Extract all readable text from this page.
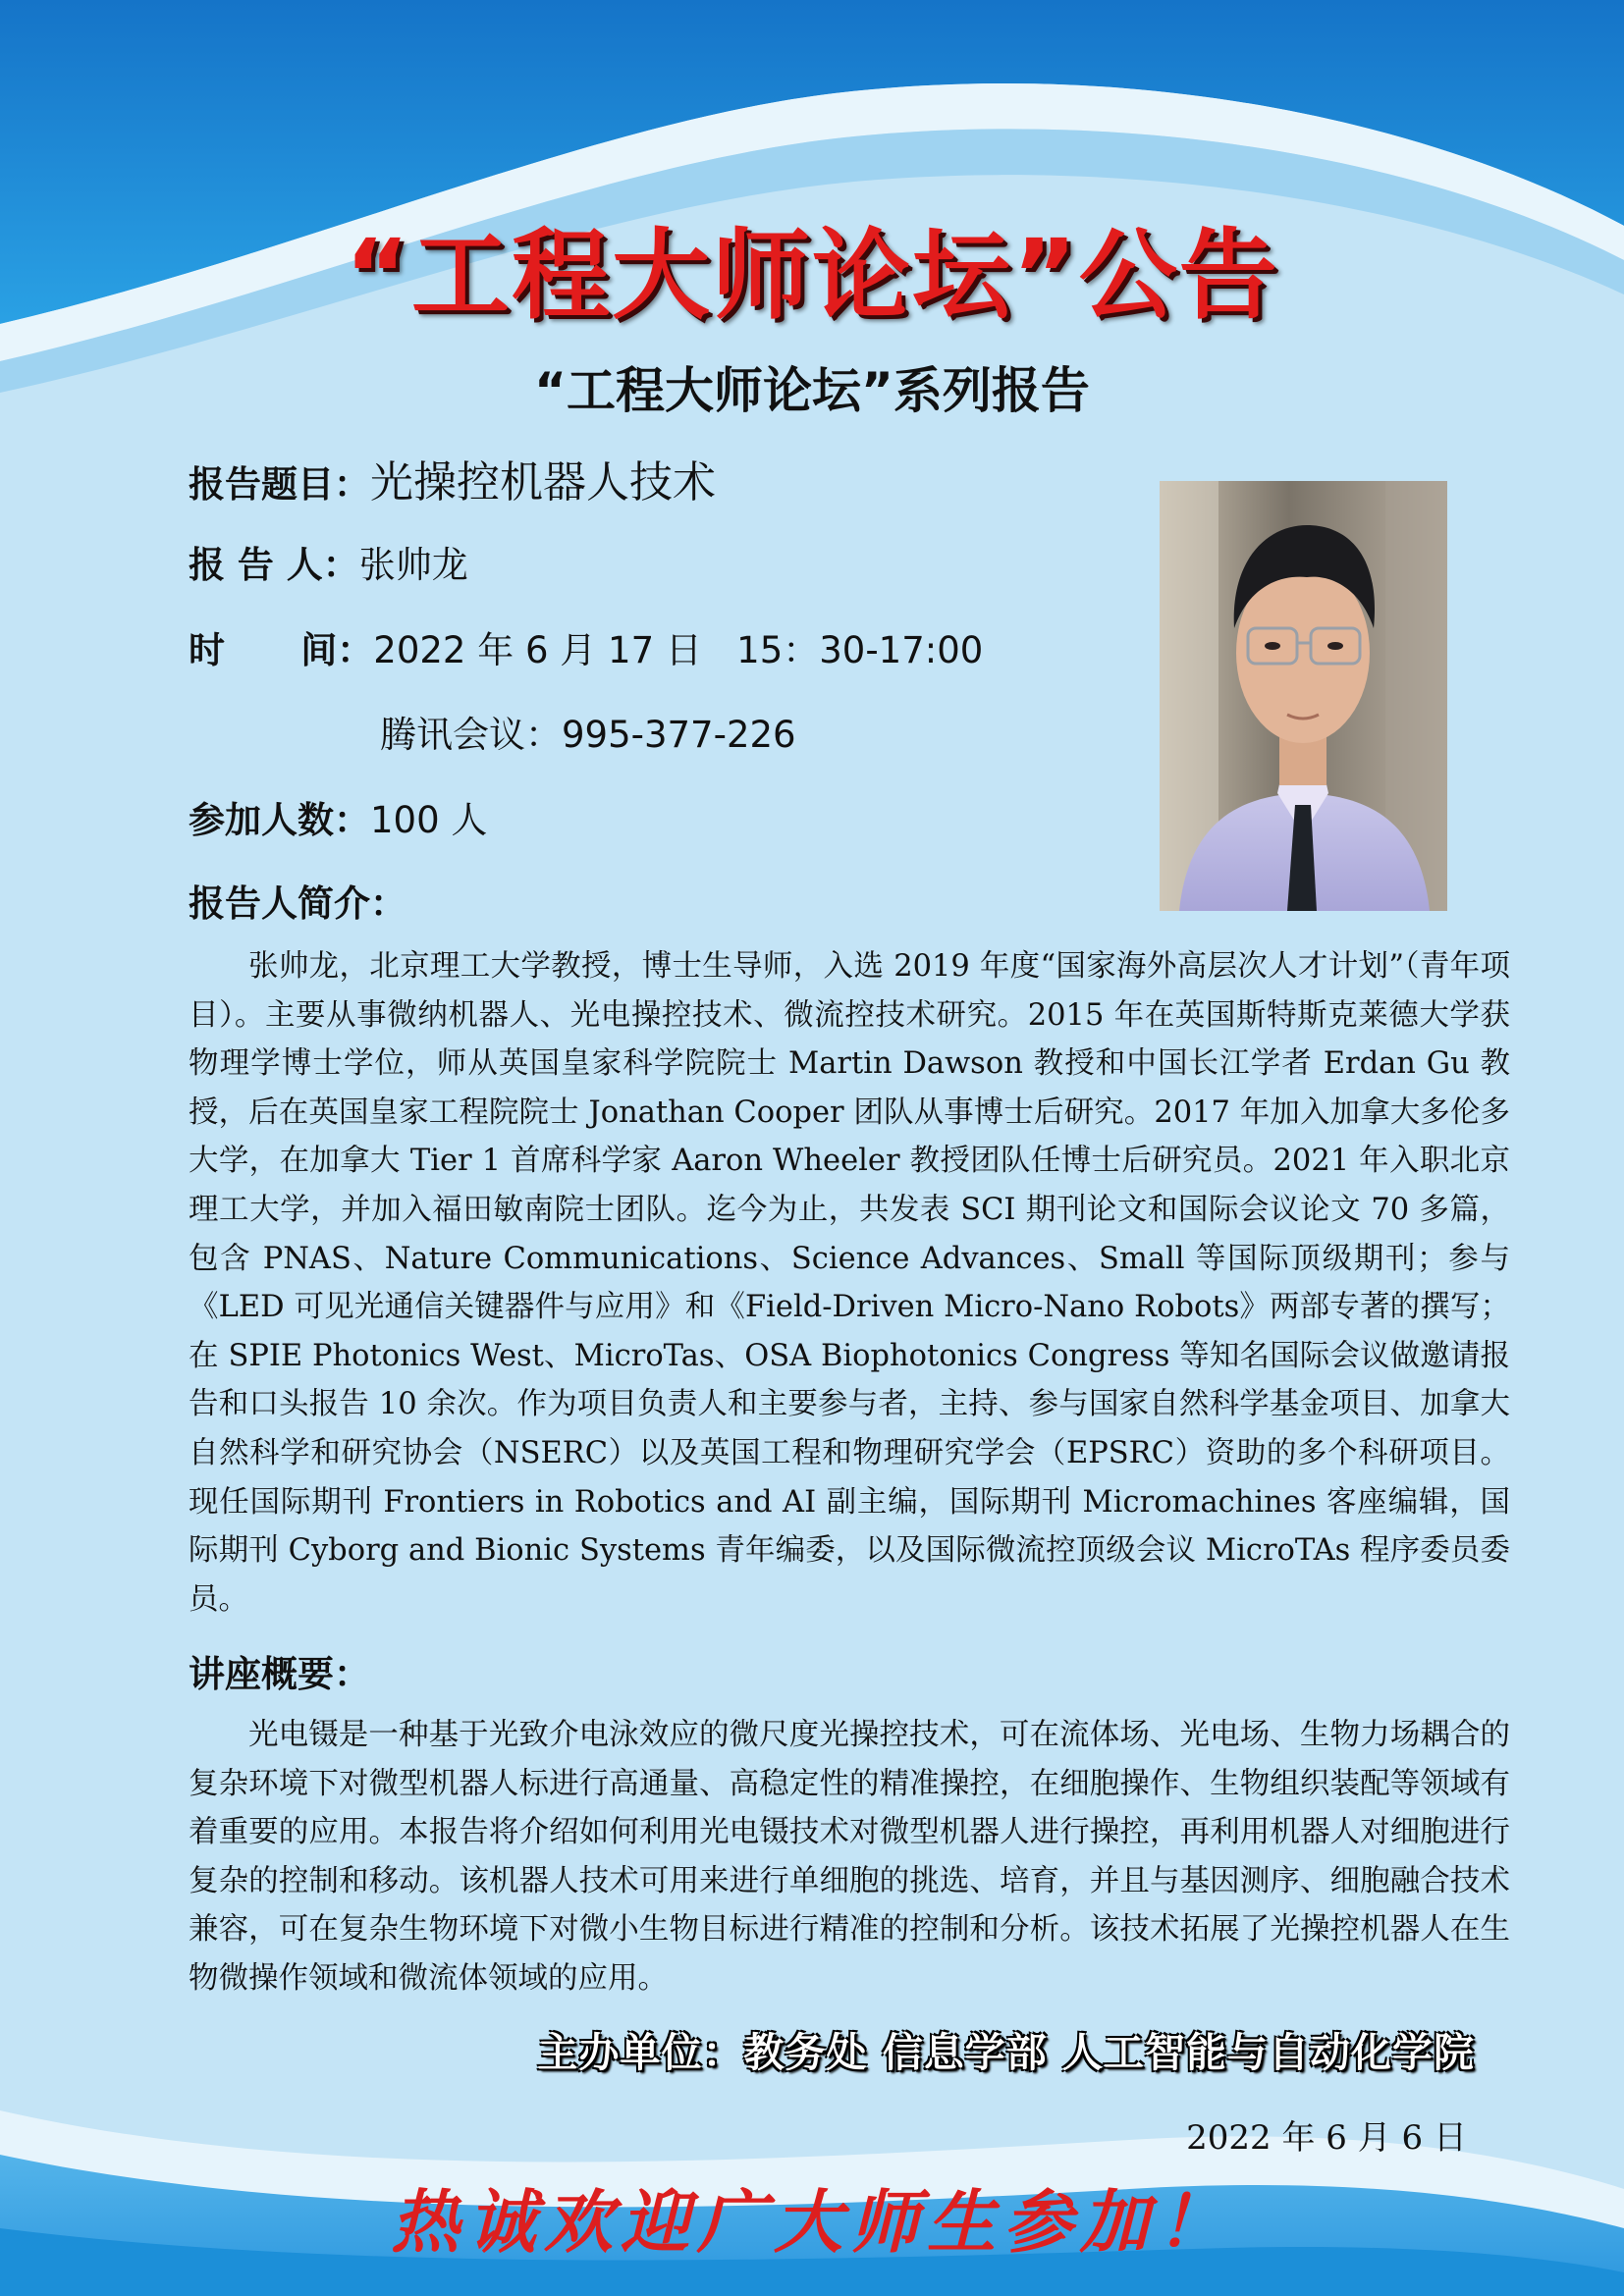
“工程大师论坛”公告
“工程大师论坛”系列报告
报告题目：光操控机器人技术
报 告 人：张帅龙
时      间：2022 年 6 月 17 日   15：30-17:00
腾讯会议：995-377-226
参加人数：100 人
报告人简介：

张帅龙，北京理工大学教授，博士生导师，入选 2019 年度“国家海外高层次人才计划”（青年项目）。主要从事微纳机器人、光电操控技术、微流控技术研究。2015 年在英国斯特斯克莱德大学获物理学博士学位，师从英国皇家科学院院士 Martin Dawson 教授和中国长江学者 Erdan Gu 教授，后在英国皇家工程院院士 Jonathan Cooper 团队从事博士后研究。2017 年加入加拿大多伦多大学，在加拿大 Tier 1 首席科学家 Aaron Wheeler 教授团队任博士后研究员。2021 年入职北京理工大学，并加入福田敏南院士团队。迄今为止，共发表 SCI 期刊论文和国际会议论文 70 多篇，包含 PNAS、Nature Communications、Science Advances、Small 等国际顶级期刊；参与《LED 可见光通信关键器件与应用》和《Field-Driven Micro-Nano Robots》两部专著的撰写；在 SPIE Photonics West、MicroTas、OSA Biophotonics Congress 等知名国际会议做邀请报告和口头报告 10 余次。作为项目负责人和主要参与者，主持、参与国家自然科学基金项目、加拿大自然科学和研究协会（NSERC）以及英国工程和物理研究学会（EPSRC）资助的多个科研项目。现任国际期刊 Frontiers in Robotics and AI 副主编，国际期刊 Micromachines 客座编辑，国际期刊 Cyborg and Bionic Systems 青年编委，以及国际微流控顶级会议 MicroTAs 程序委员委员。

讲座概要：

光电镊是一种基于光致介电泳效应的微尺度光操控技术，可在流体场、光电场、生物力场耦合的复杂环境下对微型机器人标进行高通量、高稳定性的精准操控，在细胞操作、生物组织装配等领域有着重要的应用。本报告将介绍如何利用光电镊技术对微型机器人进行操控，再利用机器人对细胞进行复杂的控制和移动。该机器人技术可用来进行单细胞的挑选、培育，并且与基因测序、细胞融合技术兼容，可在复杂生物环境下对微小生物目标进行精准的控制和分析。该技术拓展了光操控机器人在生物微操作领域和微流体领域的应用。

主办单位：教务处 信息学部 人工智能与自动化学院
2022 年 6 月 6 日
热诚欢迎广大师生参加！
